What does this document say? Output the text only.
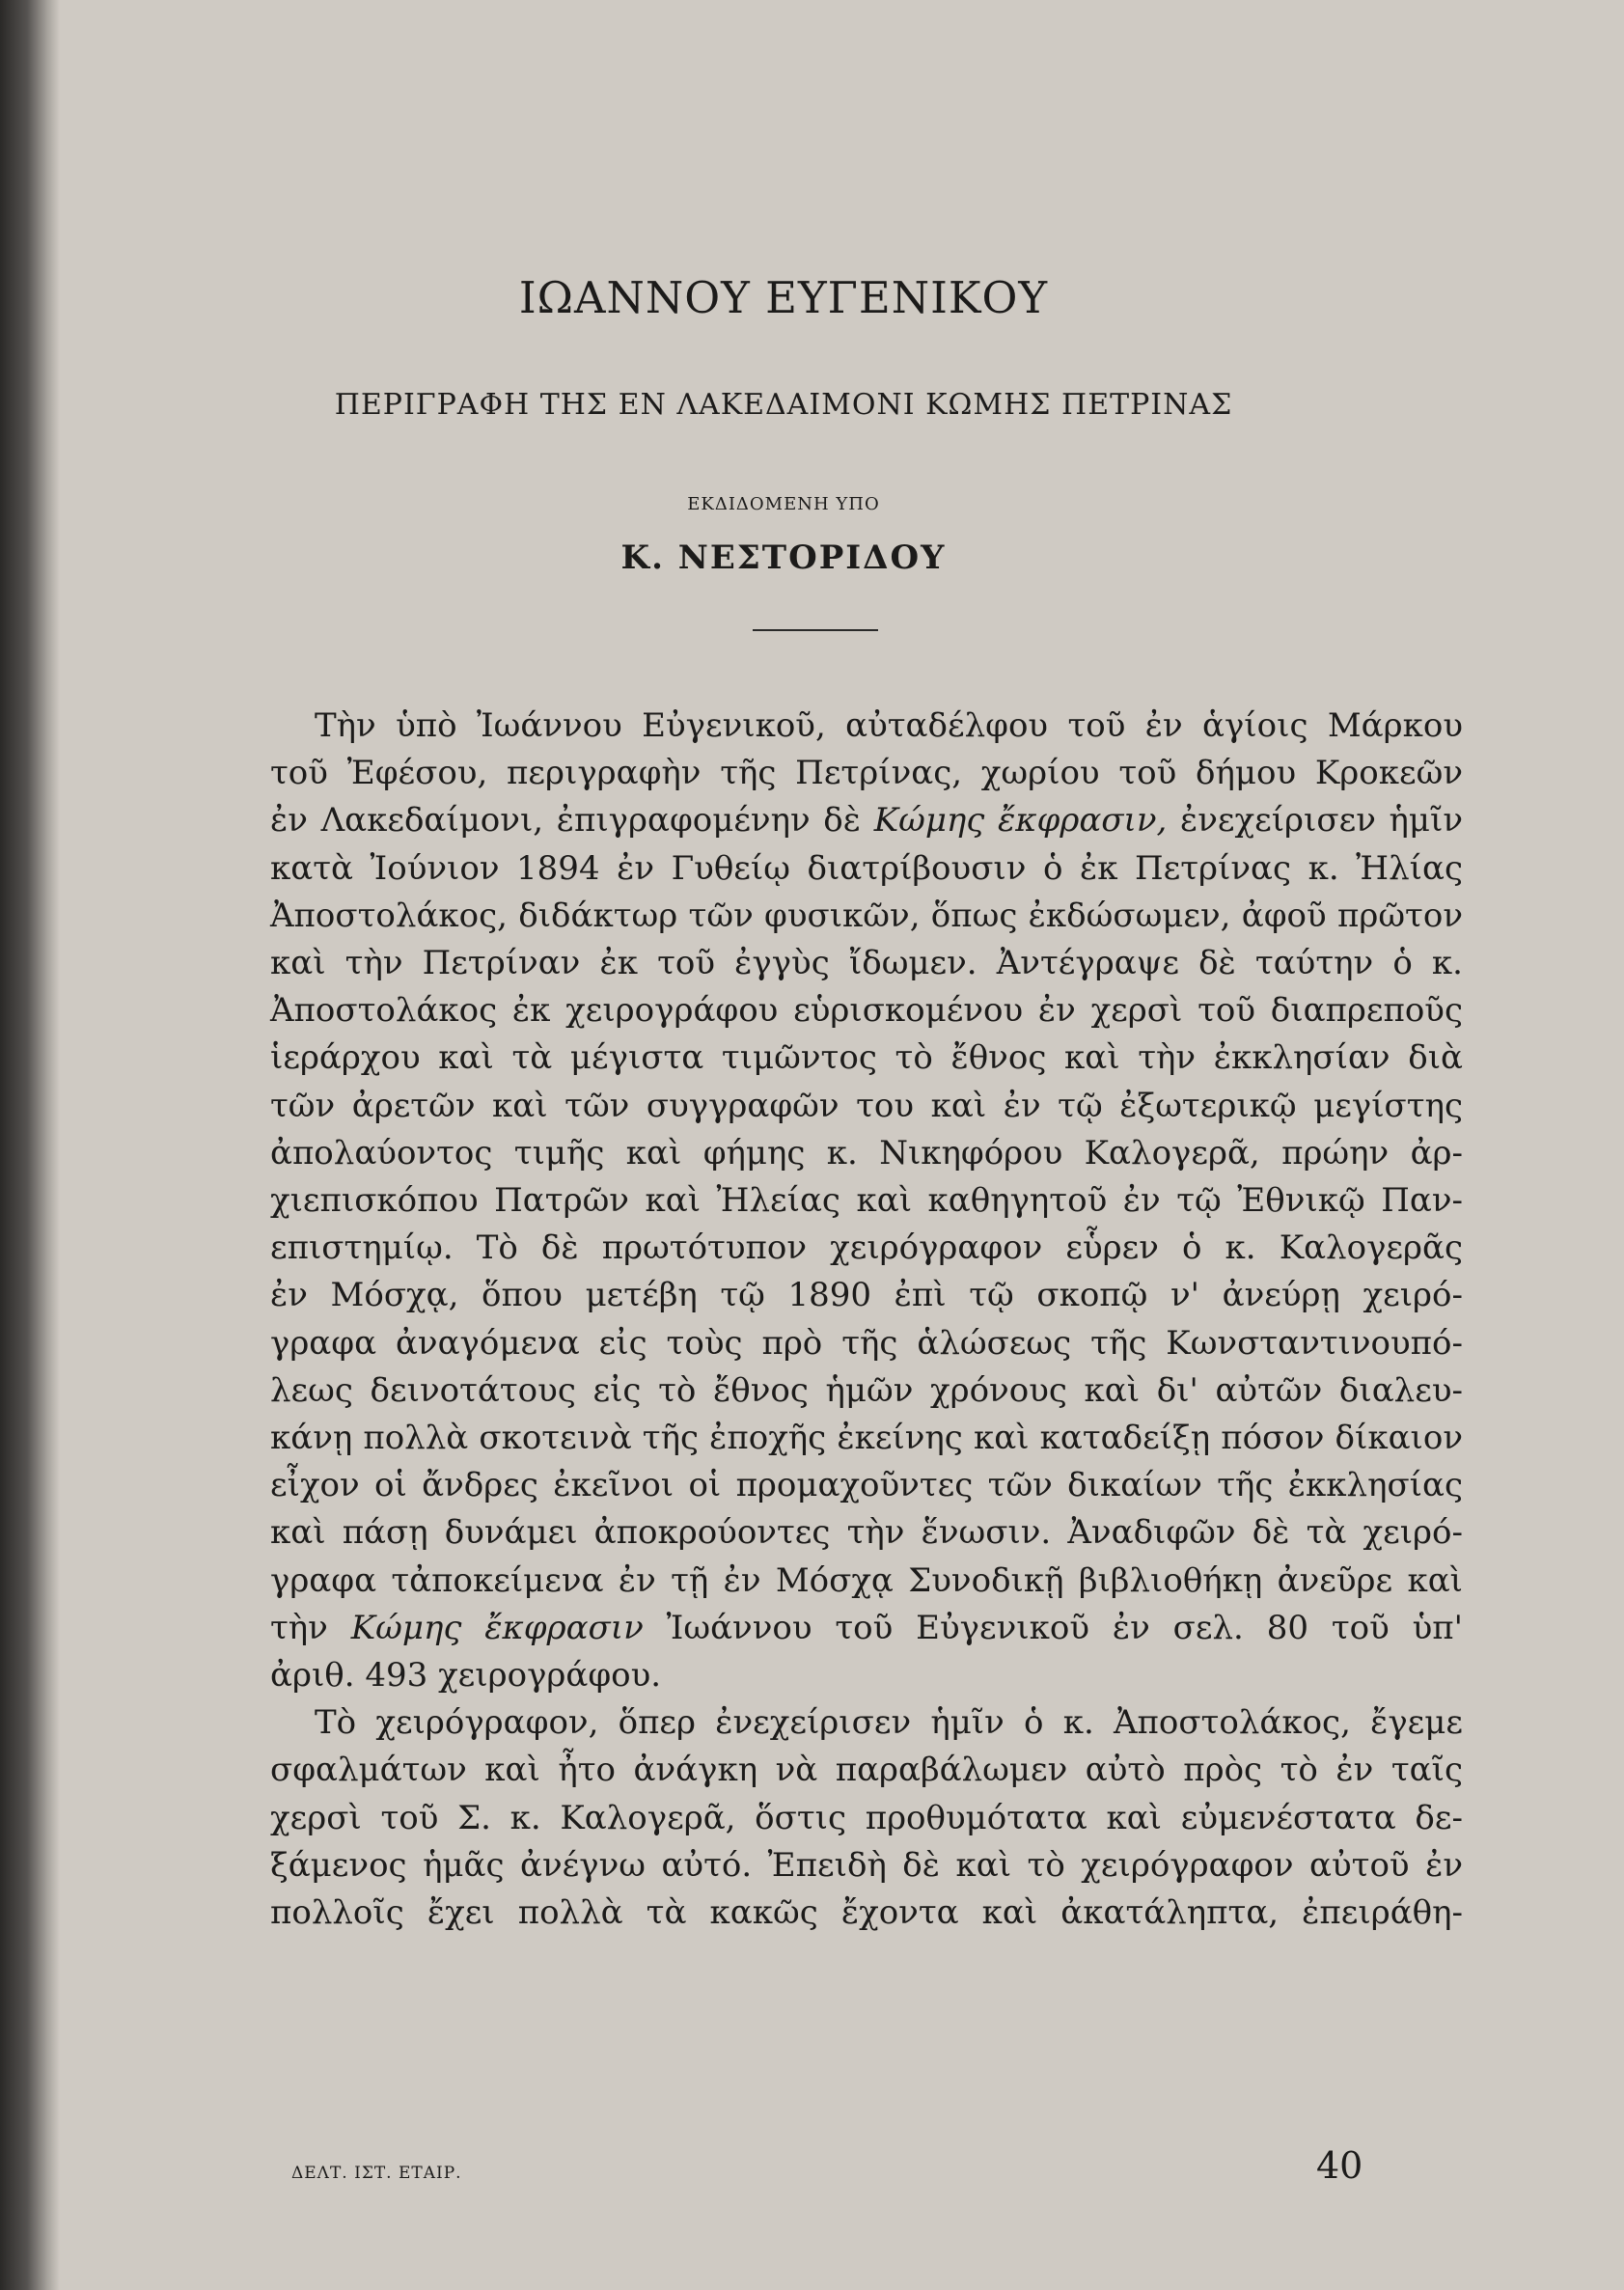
ΙΩΑΝΝΟΥ ΕΥΓΕΝΙΚΟΥ
ΠΕΡΙΓΡΑΦΗ ΤΗΣ ΕΝ ΛΑΚΕΔΑΙΜΟΝΙ ΚΩΜΗΣ ΠΕΤΡΙΝΑΣ
ΕΚΔΙΔΟΜΕΝΗ ΥΠΟ
Κ. ΝΕΣΤΟΡΙΔΟΥ
Τὴν ὑπὸ Ἰωάννου Εὐγενικοῦ, αὐταδέλφου τοῦ ἐν ἁγίοις Μάρκου
τοῦ Ἐφέσου, περιγραφὴν τῆς Πετρίνας, χωρίου τοῦ δήμου Κροκεῶν
ἐν Λακεδαίμονι, ἐπιγραφομένην δὲ Κώμης ἔκφρασιν, ἐνεχείρισεν ἡμῖν
κατὰ Ἰούνιον 1894 ἐν Γυθείῳ διατρίβουσιν ὁ ἐκ Πετρίνας κ. Ἠλίας
Ἀποστολάκος, διδάκτωρ τῶν φυσικῶν, ὅπως ἐκδώσωμεν, ἀφοῦ πρῶτον
καὶ τὴν Πετρίναν ἐκ τοῦ ἐγγὺς ἴδωμεν. Ἀντέγραψε δὲ ταύτην ὁ κ.
Ἀποστολάκος ἐκ χειρογράφου εὑρισκομένου ἐν χερσὶ τοῦ διαπρεποῦς
ἱεράρχου καὶ τὰ μέγιστα τιμῶντος τὸ ἔθνος καὶ τὴν ἐκκλησίαν διὰ
τῶν ἀρετῶν καὶ τῶν συγγραφῶν του καὶ ἐν τῷ ἐξωτερικῷ μεγίστης
ἀπολαύοντος τιμῆς καὶ φήμης κ. Νικηφόρου Καλογερᾶ, πρώην ἀρ-
χιεπισκόπου Πατρῶν καὶ Ἠλείας καὶ καθηγητοῦ ἐν τῷ Ἐθνικῷ Παν-
επιστημίῳ. Τὸ δὲ πρωτότυπον χειρόγραφον εὗρεν ὁ κ. Καλογερᾶς
ἐν Μόσχᾳ, ὅπου μετέβη τῷ 1890 ἐπὶ τῷ σκοπῷ ν' ἀνεύρῃ χειρό-
γραφα ἀναγόμενα εἰς τοὺς πρὸ τῆς ἁλώσεως τῆς Κωνσταντινουπό-
λεως δεινοτάτους εἰς τὸ ἔθνος ἡμῶν χρόνους καὶ δι' αὐτῶν διαλευ-
κάνῃ πολλὰ σκοτεινὰ τῆς ἐποχῆς ἐκείνης καὶ καταδείξῃ πόσον δίκαιον
εἶχον οἱ ἄνδρες ἐκεῖνοι οἱ προμαχοῦντες τῶν δικαίων τῆς ἐκκλησίας
καὶ πάσῃ δυνάμει ἀποκρούοντες τὴν ἕνωσιν. Ἀναδιφῶν δὲ τὰ χειρό-
γραφα τἀποκείμενα ἐν τῇ ἐν Μόσχᾳ Συνοδικῇ βιβλιοθήκῃ ἀνεῦρε καὶ
τὴν Κώμης ἔκφρασιν Ἰωάννου τοῦ Εὐγενικοῦ ἐν σελ. 80 τοῦ ὑπ'
ἀριθ. 493 χειρογράφου.
Τὸ χειρόγραφον, ὅπερ ἐνεχείρισεν ἡμῖν ὁ κ. Ἀποστολάκος, ἔγεμε
σφαλμάτων καὶ ἦτο ἀνάγκη νὰ παραβάλωμεν αὐτὸ πρὸς τὸ ἐν ταῖς
χερσὶ τοῦ Σ. κ. Καλογερᾶ, ὅστις προθυμότατα καὶ εὐμενέστατα δε-
ξάμενος ἡμᾶς ἀνέγνω αὐτό. Ἐπειδὴ δὲ καὶ τὸ χειρόγραφον αὐτοῦ ἐν
πολλοῖς ἔχει πολλὰ τὰ κακῶς ἔχοντα καὶ ἀκατάληπτα, ἐπειράθη-
ΔΕΛΤ. ΙΣΤ. ΕΤΑΙΡ.	40
